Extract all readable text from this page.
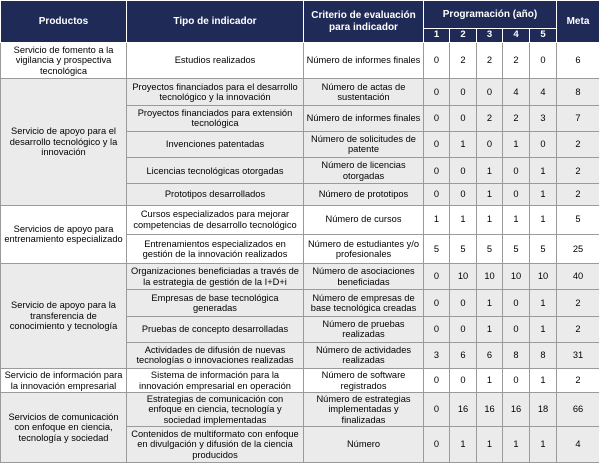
Productos	Tipo de indicador	Criterio de evaluación para indicador	Programación (año)					Meta
			1	2	3	4	5	
Servicio de fomento a la vigilancia y prospectiva tecnológica	Estudios realizados	Número de informes finales	0	2	2	2	0	6
Servicio de apoyo para el desarrollo tecnológico y la innovación	Proyectos financiados para el desarrollo tecnológico y la innovación	Número de actas de sustentación	0	0	0	4	4	8
	Proyectos financiados para extensión tecnológica	Número de informes finales	0	0	2	2	3	7
	Invenciones patentadas	Número de solicitudes de patente	0	1	0	1	0	2
	Licencias tecnológicas otorgadas	Número de licencias otorgadas	0	0	1	0	1	2
	Prototipos desarrollados	Número de prototipos	0	0	1	0	1	2
Servicios de apoyo para entrenamiento especializado	Cursos especializados para mejorar competencias de desarrollo tecnológico	Número de cursos	1	1	1	1	1	5
	Entrenamientos especializados en gestión de la innovación realizados	Número de estudiantes y/o profesionales	5	5	5	5	5	25
Servicio de apoyo para la transferencia de conocimiento y tecnología	Organizaciones beneficiadas a través de la estrategia de gestión de la I+D+i	Número de asociaciones beneficiadas	0	10	10	10	10	40
	Empresas de base tecnológica generadas	Número de empresas de base tecnológica creadas	0	0	1	0	1	2
	Pruebas de concepto desarrolladas	Número de pruebas realizadas	0	0	1	0	1	2
	Actividades de difusión de nuevas tecnologías o innovaciones realizadas	Número de actividades realizadas	3	6	6	8	8	31
Servicio de información para la innovación empresarial	Sistema de información para la innovación empresarial en operación	Número de software registrados	0	0	1	0	1	2
Servicios de comunicación con enfoque en ciencia, tecnología y sociedad	Estrategias de comunicación con enfoque en ciencia, tecnología y sociedad implementadas	Número de estrategias implementadas y finalizadas	0	16	16	16	18	66
	Contenidos de multiformato con enfoque en divulgación y difusión de la ciencia producidos	Número	0	1	1	1	1	4
